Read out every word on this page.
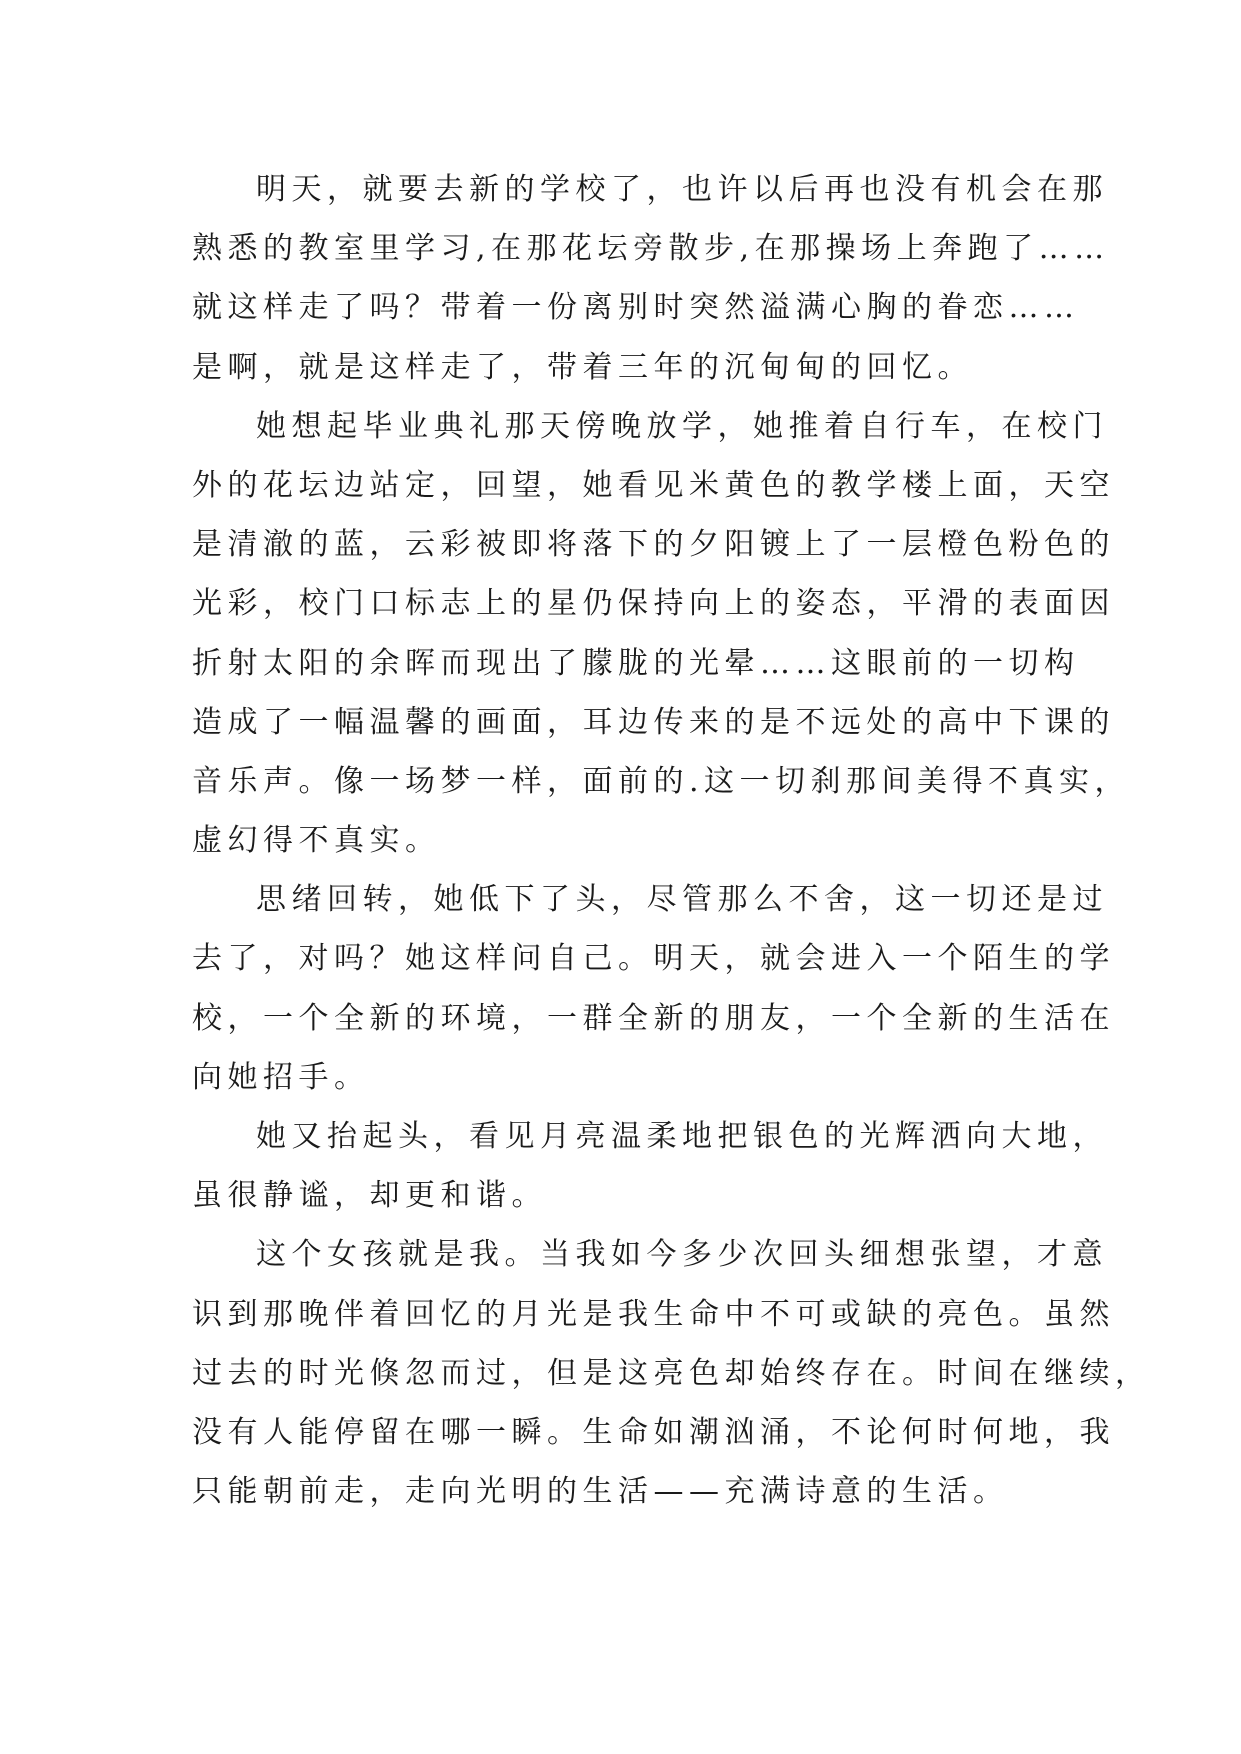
明天，就要去新的学校了，也许以后再也没有机会在那
熟悉的教室里学习,在那花坛旁散步,在那操场上奔跑了……
就这样走了吗？带着一份离别时突然溢满心胸的眷恋……
是啊，就是这样走了，带着三年的沉甸甸的回忆。

她想起毕业典礼那天傍晚放学，她推着自行车，在校门
外的花坛边站定，回望，她看见米黄色的教学楼上面，天空
是清澈的蓝，云彩被即将落下的夕阳镀上了一层橙色粉色的
光彩，校门口标志上的星仍保持向上的姿态，平滑的表面因
折射太阳的余晖而现出了朦胧的光晕……这眼前的一切构
造成了一幅温馨的画面，耳边传来的是不远处的高中下课的
音乐声。像一场梦一样，面前的.这一切刹那间美得不真实，
虚幻得不真实。

思绪回转，她低下了头，尽管那么不舍，这一切还是过
去了，对吗？她这样问自己。明天，就会进入一个陌生的学
校，一个全新的环境，一群全新的朋友，一个全新的生活在
向她招手。

她又抬起头，看见月亮温柔地把银色的光辉洒向大地，
虽很静谧，却更和谐。

这个女孩就是我。当我如今多少次回头细想张望，才意
识到那晚伴着回忆的月光是我生命中不可或缺的亮色。虽然
过去的时光倏忽而过，但是这亮色却始终存在。时间在继续，
没有人能停留在哪一瞬。生命如潮汹涌，不论何时何地，我
只能朝前走，走向光明的生活——充满诗意的生活。
